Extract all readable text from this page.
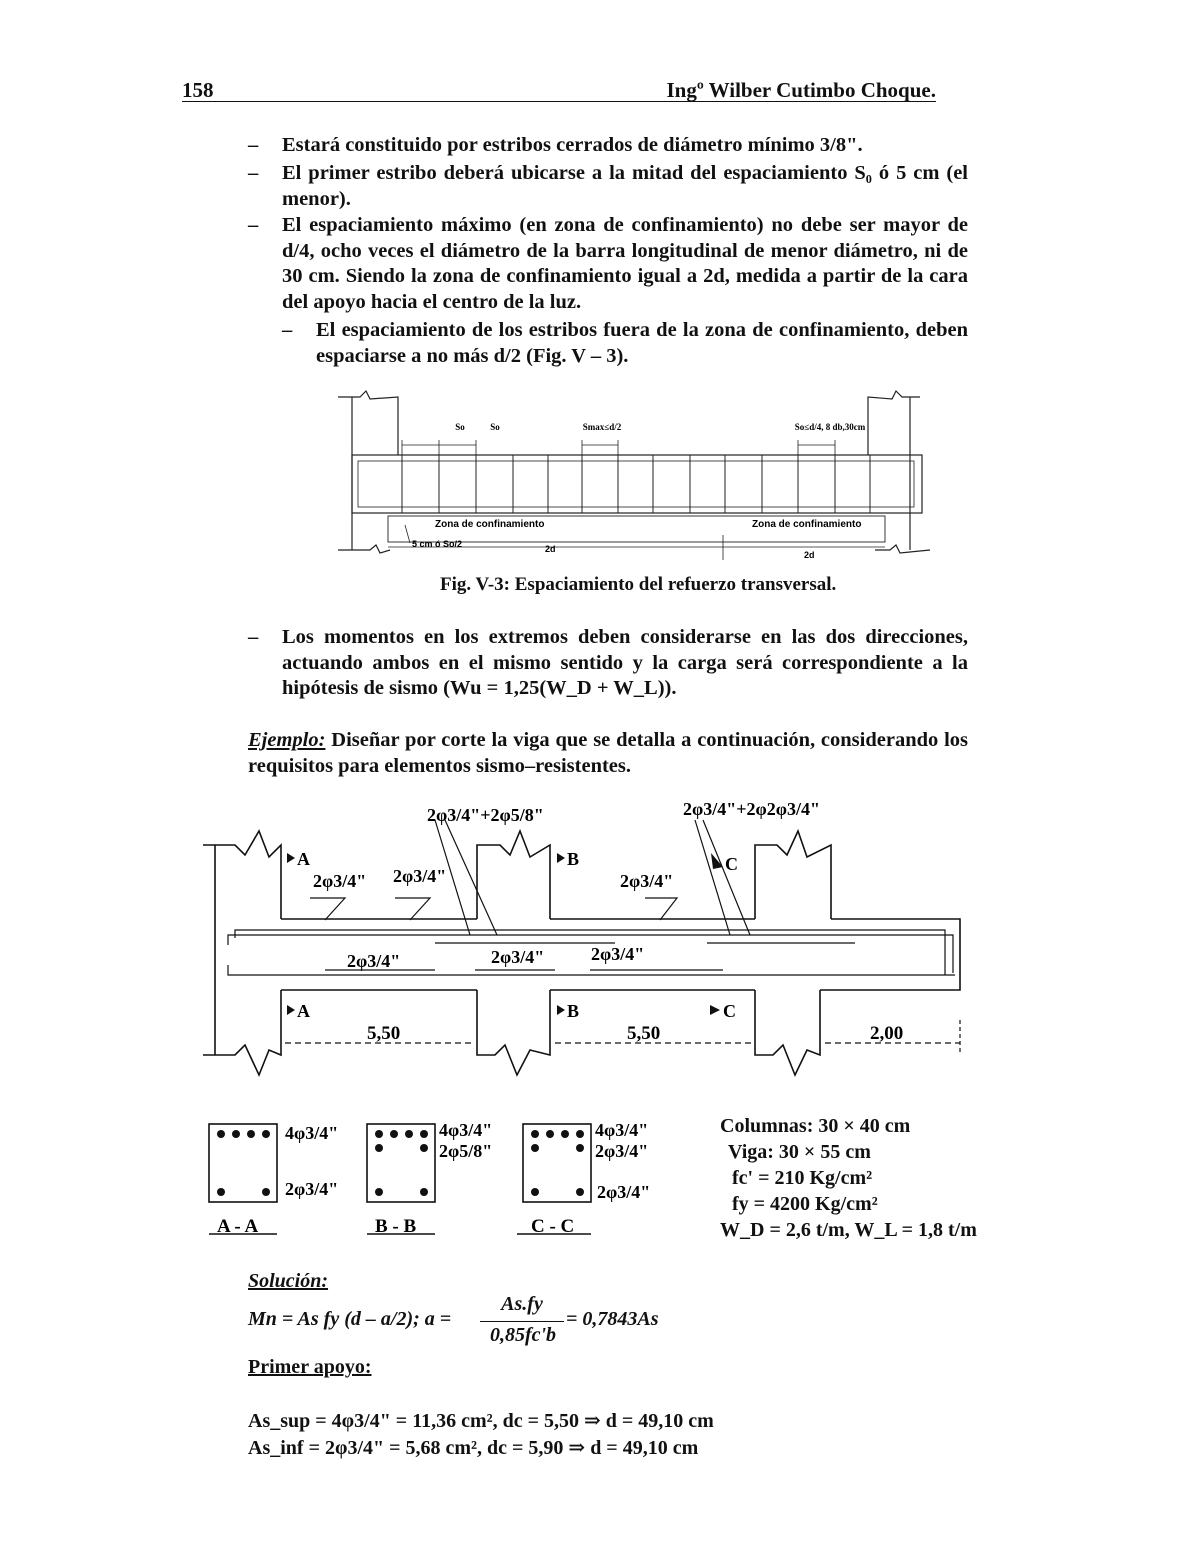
158	Ingº Wilber Cutimbo Choque.
– Estará constituido por estribos cerrados de diámetro mínimo 3/8".
– El primer estribo deberá ubicarse a la mitad del espaciamiento S₀ ó 5 cm (el menor).
– El espaciamiento máximo (en zona de confinamiento) no debe ser mayor de d/4, ocho veces el diámetro de la barra longitudinal de menor diámetro, ni de 30 cm. Siendo la zona de confinamiento igual a 2d, medida a partir de la cara del apoyo hacia el centro de la luz.
– El espaciamiento de los estribos fuera de la zona de confinamiento, deben espaciarse a no más d/2 (Fig. V – 3).
So	So	Smax≤d/2	So≤d/4, 8 db,30cm
Zona de confinamiento	Zona de confinamiento
5 cm ó So/2	2d
2d
Fig. V-3: Espaciamiento del refuerzo transversal.
– Los momentos en los extremos deben considerarse en las dos direcciones, actuando ambos en el mismo sentido y la carga será correspondiente a la hipótesis de sismo (Wu = 1,25(W_D + W_L)).
Ejemplo: Diseñar por corte la viga que se detalla a continuación, considerando los requisitos para elementos sismo–resistentes.
2φ3/4"+2φ5/8"	2φ3/4"+2φ2φ3/4"
2φ3/4" 2φ3/4"	2φ3/4"
2φ3/4"	2φ3/4"	2φ3/4"
A	B	C
A	B	C
5,50	5,50	2,00
4φ3/4"
2φ3/4"
A - A
4φ3/4"
2φ5/8"
B - B
4φ3/4"
2φ3/4"
2φ3/4"
C - C
Columnas: 30 × 40 cm
Viga: 30 × 55 cm
fc' = 210 Kg/cm²
fy = 4200 Kg/cm²
W_D = 2,6 t/m, W_L = 1,8 t/m
Solución:
Mn = As fy (d – a/2); a =
As.fy
0,85fc'b
= 0,7843As
Primer apoyo:
As_sup = 4φ3/4" = 11,36 cm², dc = 5,50 ⇒ d = 49,10 cm
As_inf = 2φ3/4" = 5,68 cm², dc = 5,90 ⇒ d = 49,10 cm
